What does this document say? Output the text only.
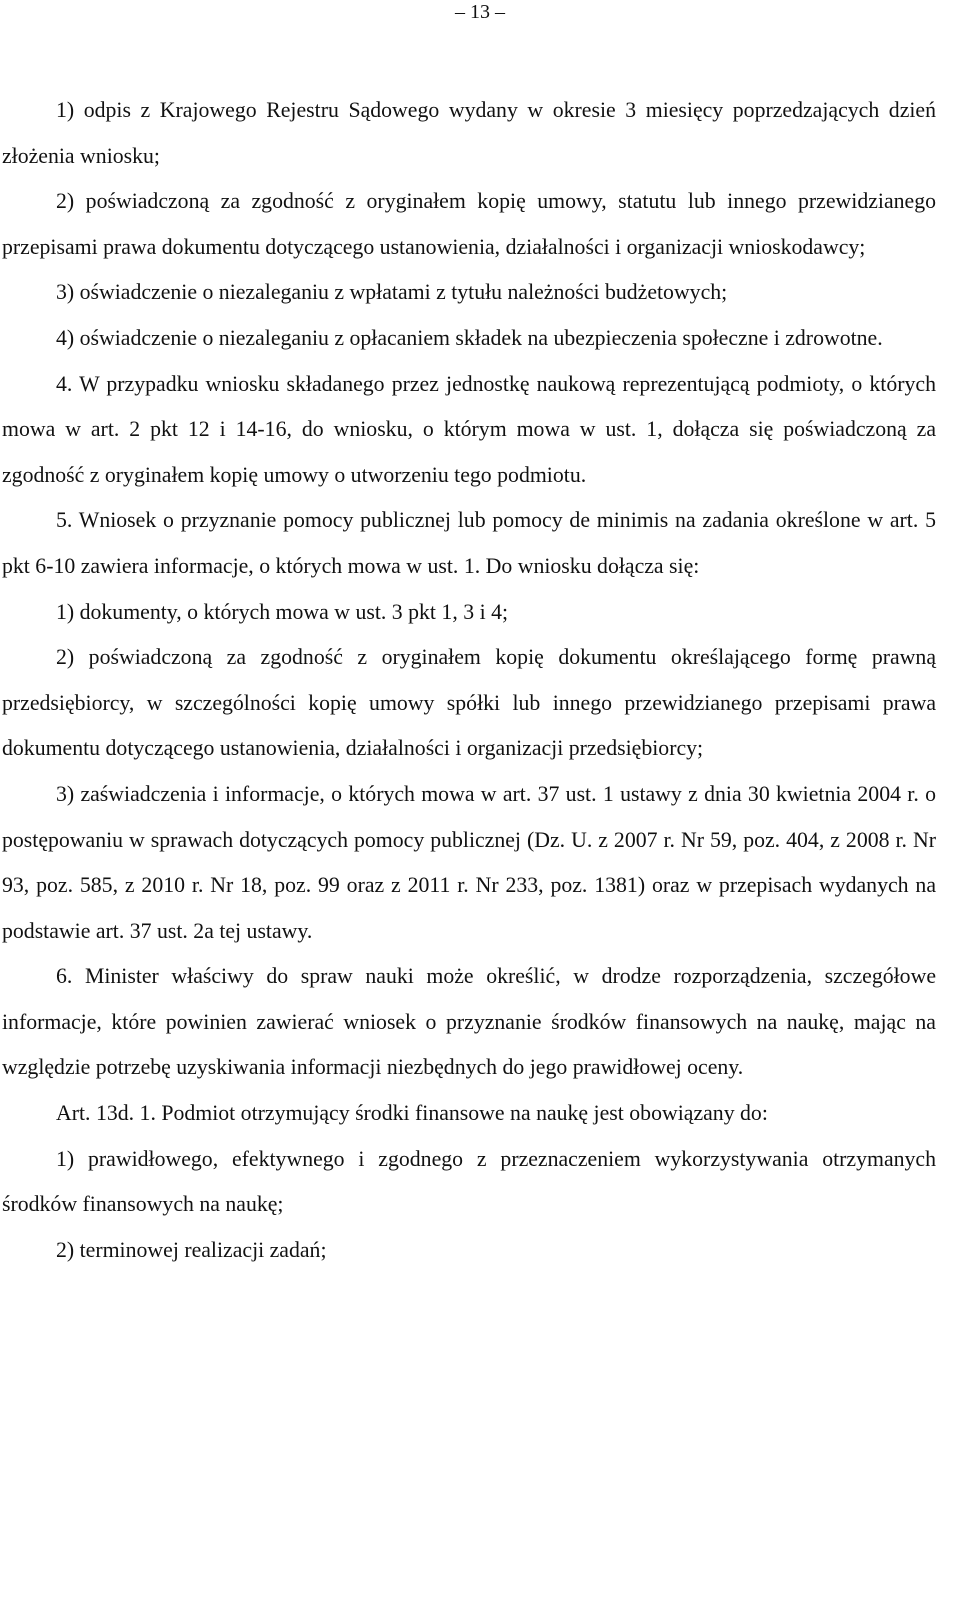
– 13 –

1) odpis z Krajowego Rejestru Sądowego wydany w okresie 3 miesięcy poprzedzających dzień złożenia wniosku;

2) poświadczoną za zgodność z oryginałem kopię umowy, statutu lub innego przewidzianego przepisami prawa dokumentu dotyczącego ustanowienia, działalności i organizacji wnioskodawcy;

3) oświadczenie o niezaleganiu z wpłatami z tytułu należności budżetowych;

4) oświadczenie o niezaleganiu z opłacaniem składek na ubezpieczenia społeczne i zdrowotne.

4. W przypadku wniosku składanego przez jednostkę naukową reprezentującą podmioty, o których mowa w art. 2 pkt 12 i 14-16, do wniosku, o którym mowa w ust. 1, dołącza się poświadczoną za zgodność z oryginałem kopię umowy o utworzeniu tego podmiotu.

5. Wniosek o przyznanie pomocy publicznej lub pomocy de minimis na zadania określone w art. 5 pkt 6-10 zawiera informacje, o których mowa w ust. 1. Do wniosku dołącza się:

1) dokumenty, o których mowa w ust. 3 pkt 1, 3 i 4;

2) poświadczoną za zgodność z oryginałem kopię dokumentu określającego formę prawną przedsiębiorcy, w szczególności kopię umowy spółki lub innego przewidzianego przepisami prawa dokumentu dotyczącego ustanowienia, działalności i organizacji przedsiębiorcy;

3) zaświadczenia i informacje, o których mowa w art. 37 ust. 1 ustawy z dnia 30 kwietnia 2004 r. o postępowaniu w sprawach dotyczących pomocy publicznej (Dz. U. z 2007 r. Nr 59, poz. 404, z 2008 r. Nr 93, poz. 585, z 2010 r. Nr 18, poz. 99 oraz z 2011 r. Nr 233, poz. 1381) oraz w przepisach wydanych na podstawie art. 37 ust. 2a tej ustawy.

6. Minister właściwy do spraw nauki może określić, w drodze rozporządzenia, szczegółowe informacje, które powinien zawierać wniosek o przyznanie środków finansowych na naukę, mając na względzie potrzebę uzyskiwania informacji niezbędnych do jego prawidłowej oceny.

Art. 13d. 1. Podmiot otrzymujący środki finansowe na naukę jest obowiązany do:

1) prawidłowego, efektywnego i zgodnego z przeznaczeniem wykorzystywania otrzymanych środków finansowych na naukę;

2) terminowej realizacji zadań;
